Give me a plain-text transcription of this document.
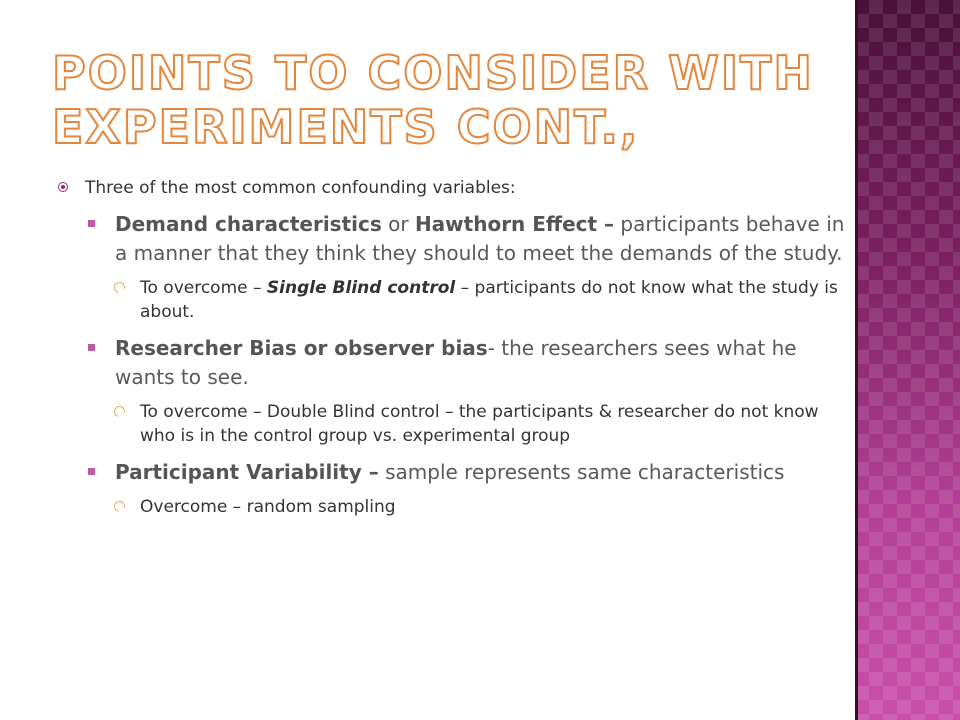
POINTS TO CONSIDER WITH
EXPERIMENTS CONT.,
Three of the most common confounding variables:
Demand characteristics or Hawthorn Effect – participants behave in a manner that they think they should to meet the demands of the study.
To overcome – Single Blind control – participants do not know what the study is about.
Researcher Bias or observer bias- the researchers sees what he wants to see.
To overcome – Double Blind control – the participants & researcher do not know who is in the control group vs. experimental group
Participant Variability – sample represents same characteristics
Overcome – random sampling
